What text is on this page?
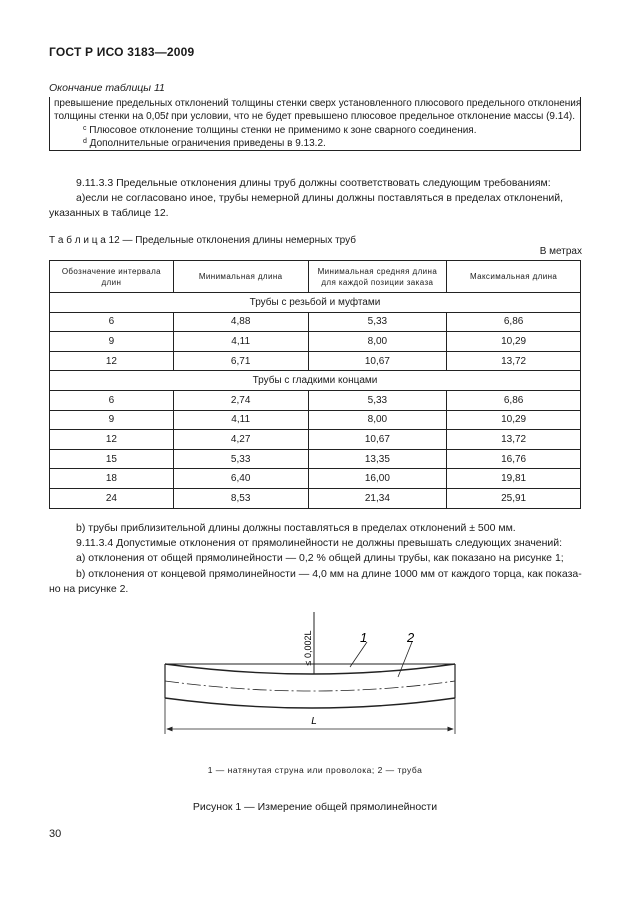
ГОСТ Р ИСО 3183—2009
Окончание таблицы 11
превышение предельных отклонений толщины стенки сверх установленного плюсового предельного отклонения
толщины стенки на 0,05t при условии, что не будет превышено плюсовое предельное отклонение массы (9.14).
$^c$ Плюсовое отклонение толщины стенки не применимо к зоне сварного соединения.
$^d$ Дополнительные ограничения приведены в 9.13.2.
9.11.3.3 Предельные отклонения длины труб должны соответствовать следующим требованиям:
а)если не согласовано иное, трубы немерной длины должны поставляться в пределах отклонений,
указанных в таблице 12.
Т а б л и ц а 12 — Предельные отклонения длины немерных труб
В метрах
Обозначение интервала длин	Минимальная длина	Минимальная средняя длина для каждой позиции заказа	Максимальная длина
Трубы с резьбой и муфтами			
6	4,88	5,33	6,86
9	4,11	8,00	10,29
12	6,71	10,67	13,72
Трубы с гладкими концами			
6	2,74	5,33	6,86
9	4,11	8,00	10,29
12	4,27	10,67	13,72
15	5,33	13,35	16,76
18	6,40	16,00	19,81
24	8,53	21,34	25,91
b) трубы приблизительной длины должны поставляться в пределах отклонений ± 500 мм.
9.11.3.4 Допустимые отклонения от прямолинейности не должны превышать следующих значений:
а) отклонения от общей прямолинейности — 0,2 % общей длины трубы, как показано на рисунке 1;
b) отклонения от концевой прямолинейности — 4,0 мм на длине 1000 мм от каждого торца, как показа-
но на рисунке 2.
≤ 0,002L
L
1	2
1 — натянутая струна или проволока; 2 — труба
Рисунок 1 — Измерение общей прямолинейности
30
